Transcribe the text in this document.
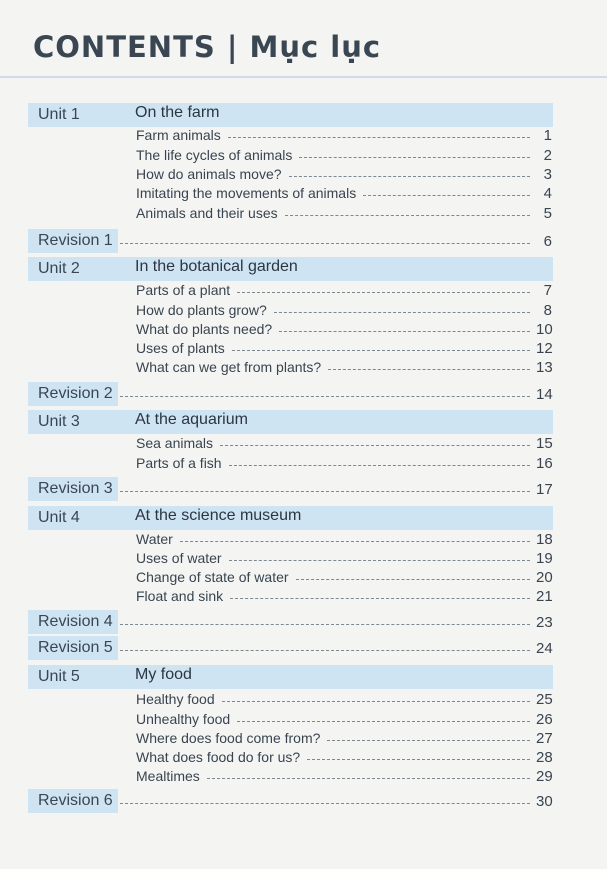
CONTENTS | Mục lục
Unit 1	On the farm
Farm animals	1
The life cycles of animals	2
How do animals move?	3
Imitating the movements of animals	4
Animals and their uses	5
Revision 1	6
Unit 2	In the botanical garden
Parts of a plant	7
How do plants grow?	8
What do plants need?	10
Uses of plants	12
What can we get from plants?	13
Revision 2	14
Unit 3	At the aquarium
Sea animals	15
Parts of a fish	16
Revision 3	17
Unit 4	At the science museum
Water	18
Uses of water	19
Change of state of water	20
Float and sink	21
Revision 4	23
Revision 5	24
Unit 5	My food
Healthy food	25
Unhealthy food	26
Where does food come from?	27
What does food do for us?	28
Mealtimes	29
Revision 6	30
